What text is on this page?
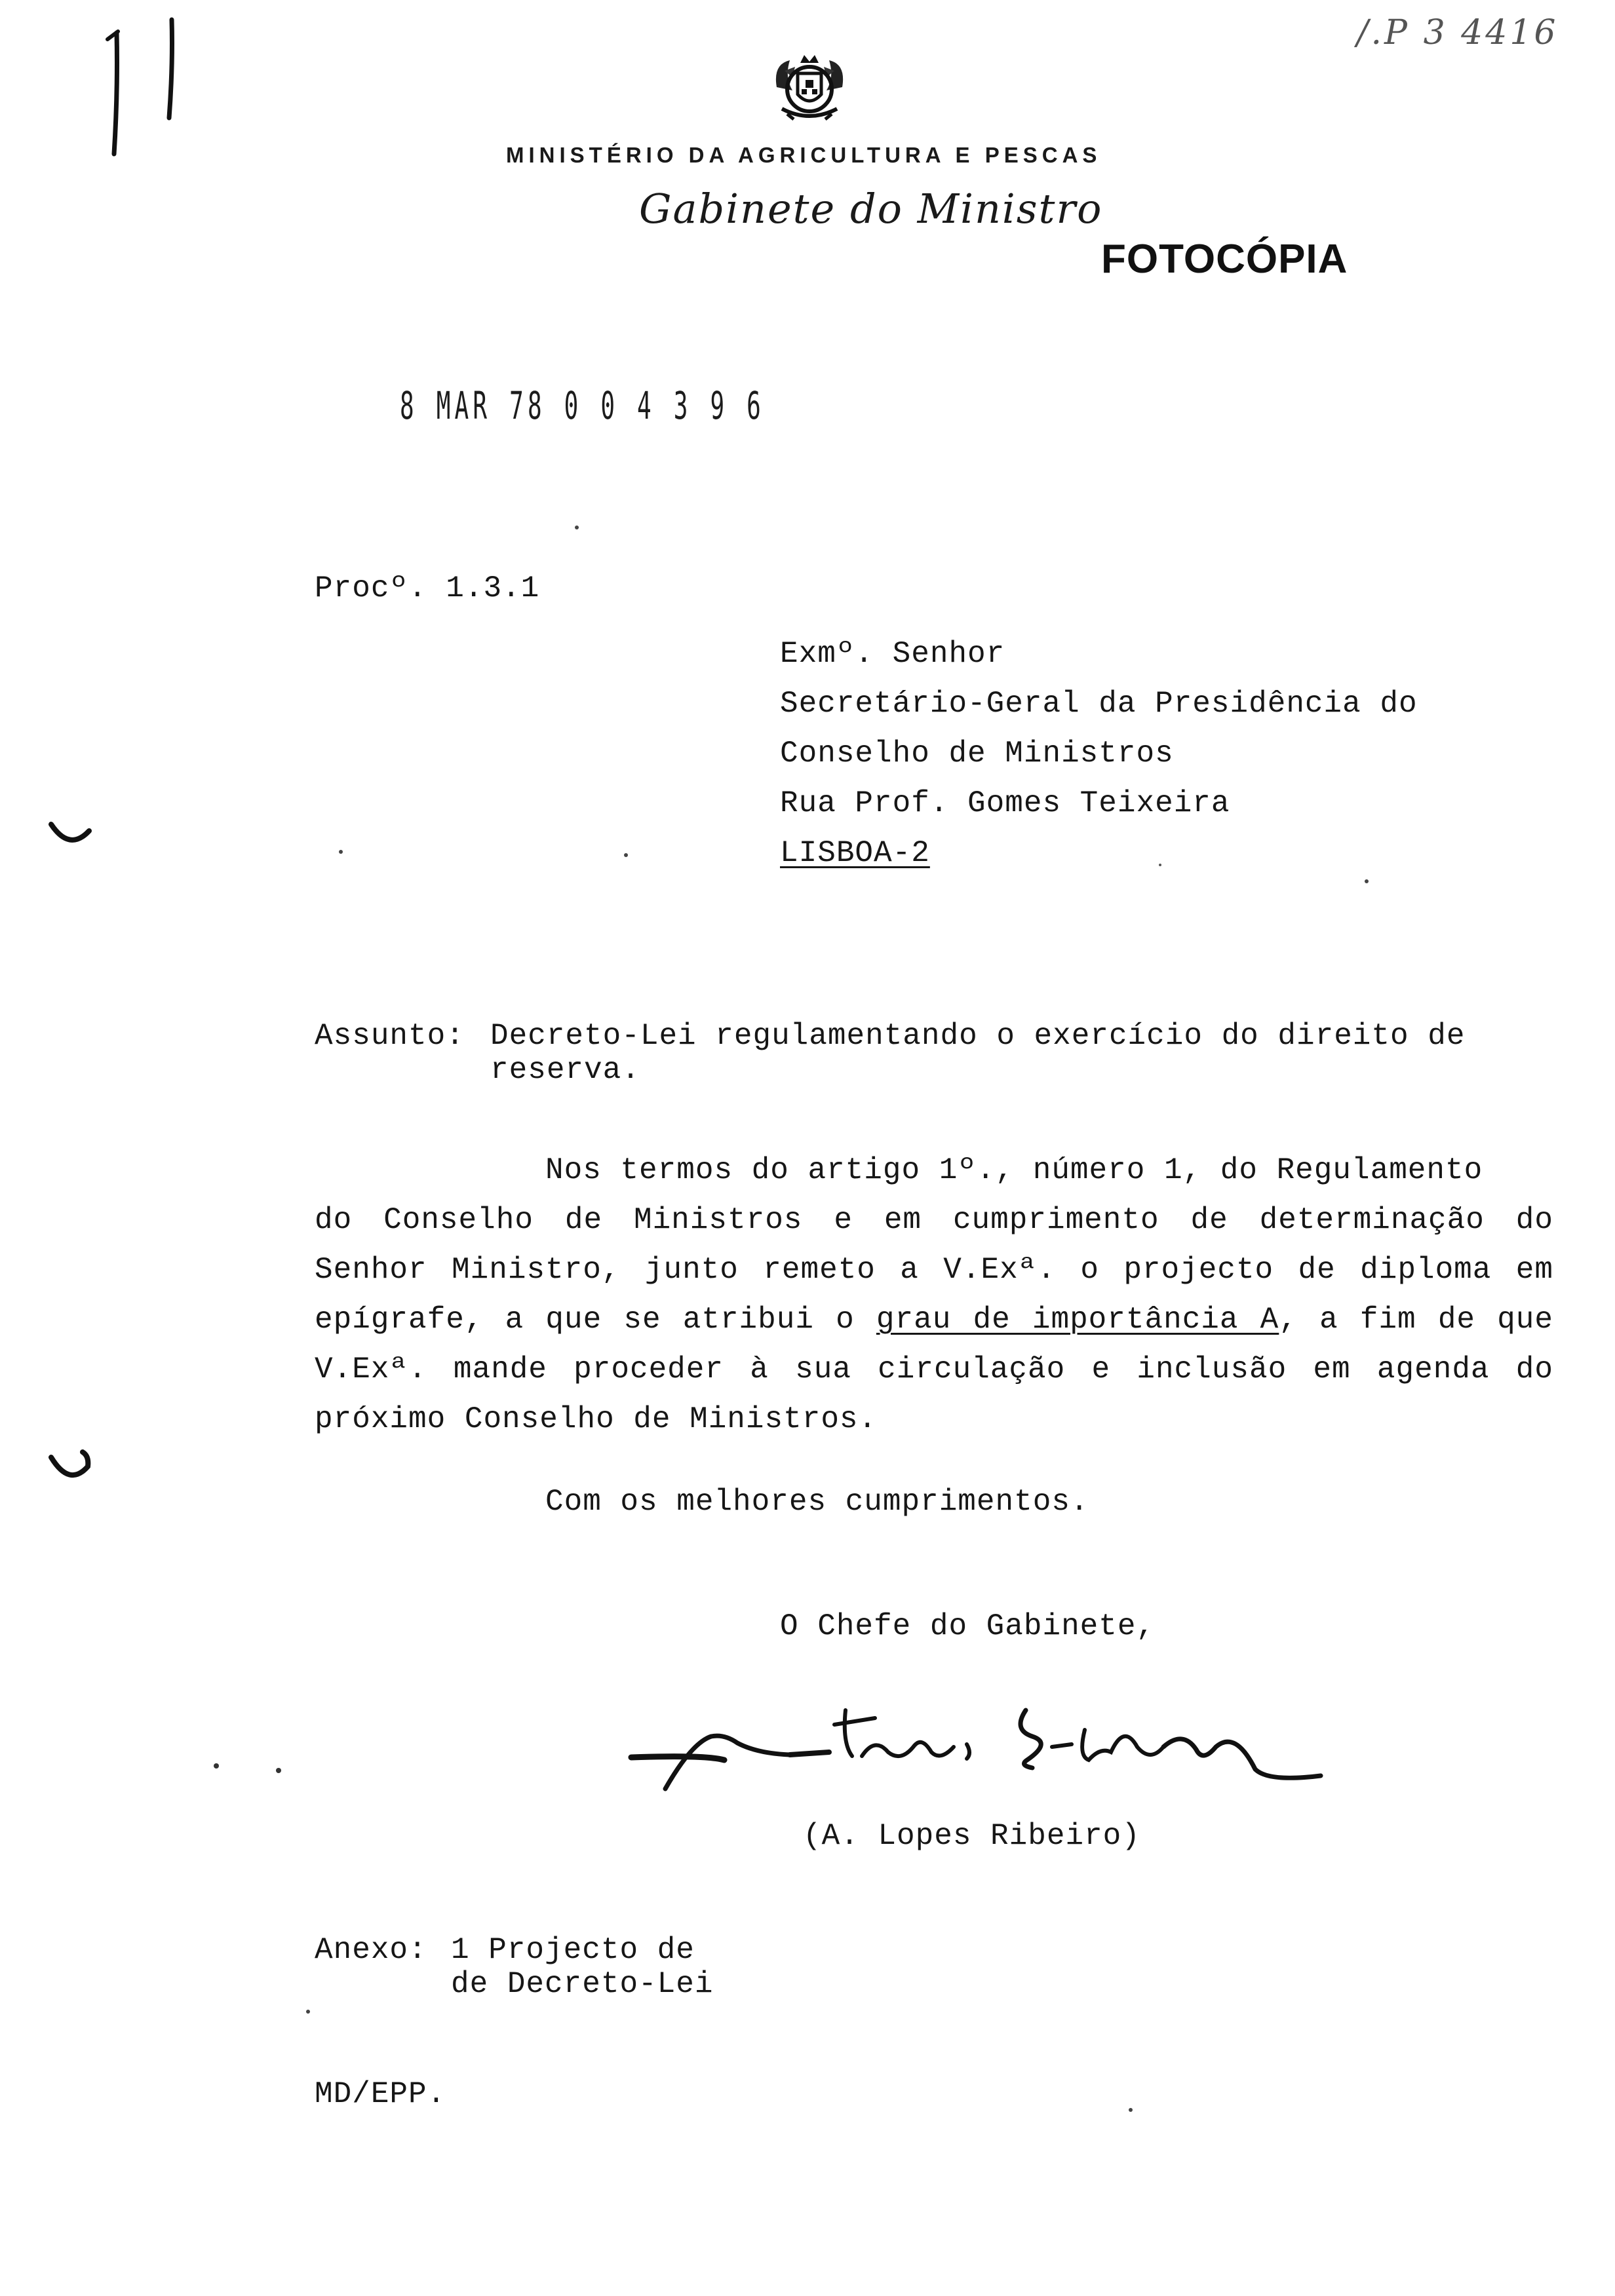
/.P 3 4416
MINISTÉRIO DA AGRICULTURA E PESCAS
Gabinete do Ministro
FOTOCÓPIA
8 MAR 78 0 0 4 3 9 6
Procº. 1.3.1
Exmº. Senhor
Secretário-Geral da Presidência do
Conselho de Ministros
Rua Prof. Gomes Teixeira
LISBOA-2
Assunto: Decreto-Lei regulamentando o exercício do direito de
reserva.
Nos termos do artigo 1º., número 1, do Regulamento
do Conselho de Ministros e em cumprimento de determinação do
Senhor Ministro, junto remeto a V.Exª. o projecto de diploma em
epígrafe, a que se atribui o grau de importância A, a fim de que
V.Exª. mande proceder à sua circulação e inclusão em agenda do
próximo Conselho de Ministros.
Com os melhores cumprimentos.
O Chefe do Gabinete,
(A. Lopes Ribeiro)
Anexo: 1 Projecto de
de Decreto-Lei
MD/EPP.
